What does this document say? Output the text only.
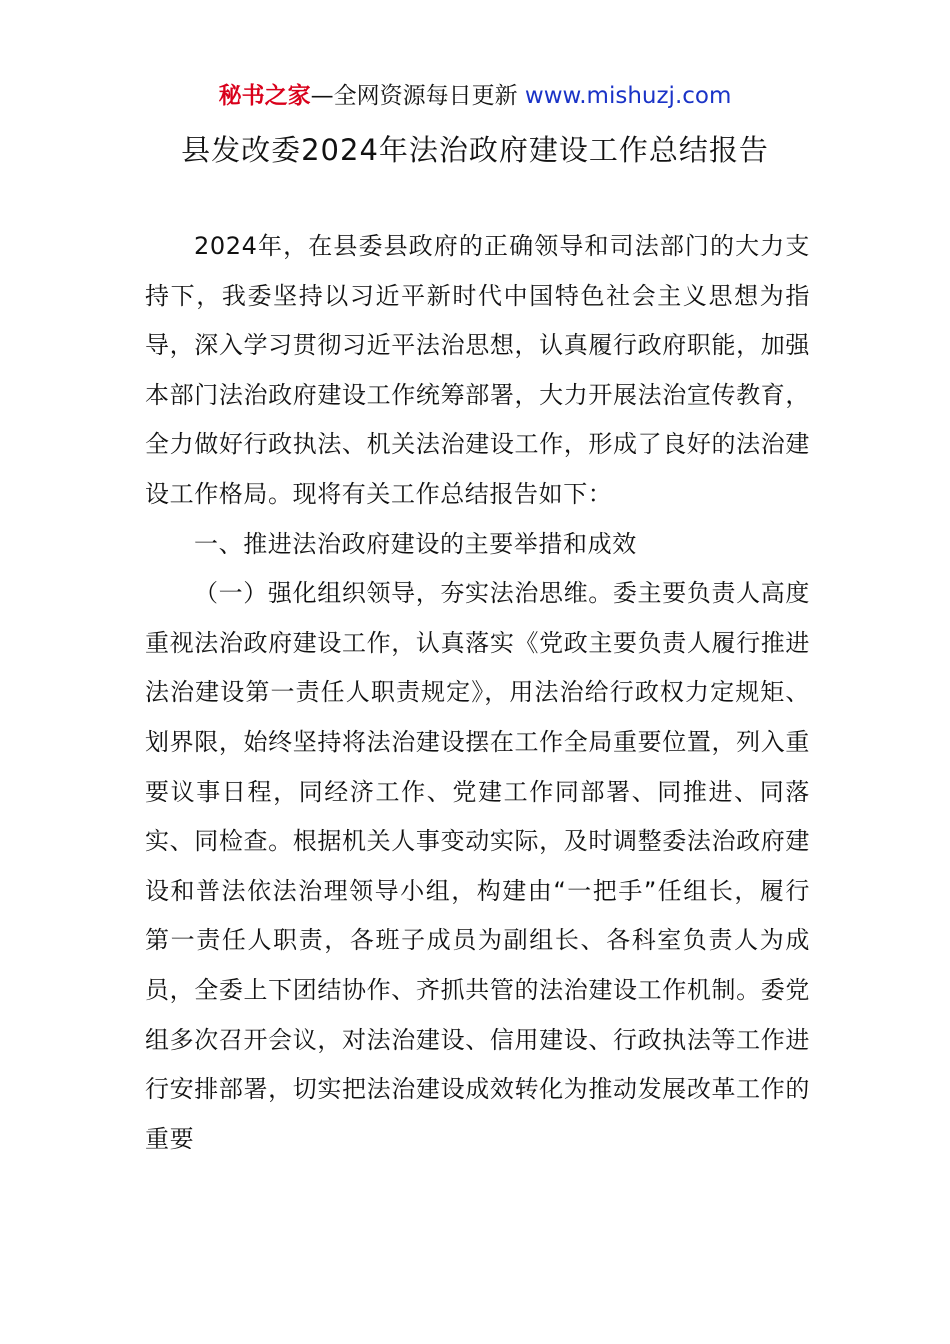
秘书之家—全网资源每日更新 www.mishuzj.com
县发改委2024年法治政府建设工作总结报告

2024年，在县委县政府的正确领导和司法部门的大力支持下，我委坚持以习近平新时代中国特色社会主义思想为指导，深入学习贯彻习近平法治思想，认真履行政府职能，加强本部门法治政府建设工作统筹部署，大力开展法治宣传教育，全力做好行政执法、机关法治建设工作，形成了良好的法治建设工作格局。现将有关工作总结报告如下：

一、推进法治政府建设的主要举措和成效

（一）强化组织领导，夯实法治思维。委主要负责人高度重视法治政府建设工作，认真落实《党政主要负责人履行推进法治建设第一责任人职责规定》，用法治给行政权力定规矩、划界限，始终坚持将法治建设摆在工作全局重要位置，列入重要议事日程，同经济工作、党建工作同部署、同推进、同落实、同检查。根据机关人事变动实际，及时调整委法治政府建设和普法依法治理领导小组，构建由“一把手”任组长，履行第一责任人职责，各班子成员为副组长、各科室负责人为成员，全委上下团结协作、齐抓共管的法治建设工作机制。委党组多次召开会议，对法治建设、信用建设、行政执法等工作进行安排部署，切实把法治建设成效转化为推动发展改革工作的重要
